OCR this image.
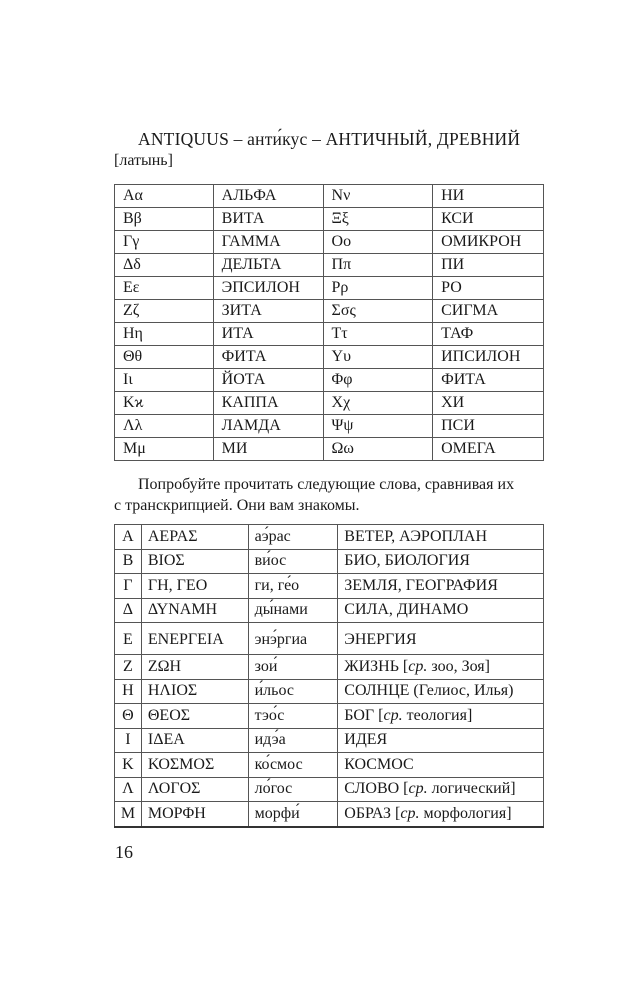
ANTIQUUS – анти́кус – АНТИЧНЫЙ, ДРЕВНИЙ
[латынь]
Αα	АЛЬФА	Νν	НИ
Ββ	ВИТА	Ξξ	КСИ
Γγ	ГАММА	Οο	ОМИКРОН
Δδ	ДЕЛЬТА	Ππ	ПИ
Εε	ЭПСИЛОН	Ρρ	РО
Ζζ	ЗИТА	Σσς	СИГМА
Ηη	ИТА	Ττ	ТАФ
Θθ	ФИТА	Υυ	ИПСИЛОН
Ιι	ЙОТА	Φφ	ФИТА
Κϰ	КАППА	Χχ	ХИ
Λλ	ЛАМДА	Ψψ	ПСИ
Μμ	МИ	Ωω	ОМЕГА
Попробуйте прочитать следующие слова, сравнивая их
с транскрипцией. Они вам знакомы.
Α	ΑΕΡΑΣ	аэ́рас	ВЕТЕР, АЭРОПЛАН
Β	ΒΙΟΣ	ви́ос	БИО, БИОЛОГИЯ
Γ	ΓΗ, ΓΕΟ	ги, ге́о	ЗЕМЛЯ, ГЕОГРАФИЯ
Δ	ΔΥΝΑΜΗ	ды́нами	СИЛА, ДИНАМО
Ε	ΕΝΕΡΓΕΙΑ	энэ́ргиа	ЭНЕРГИЯ
Ζ	ΖΩΗ	зои́	ЖИЗНЬ [ср. зоо, Зоя]
Η	ΗΛΙΟΣ	и́льос	СОЛНЦЕ (Гелиос, Илья)
Θ	ΘΕΟΣ	тэо́с	БОГ [ср. теология]
Ι	ΙΔΕΑ	идэ́а	ИДЕЯ
Κ	ΚΟΣΜΟΣ	ко́смос	КОСМОС
Λ	ΛΟΓΟΣ	ло́гос	СЛОВО [ср. логический]
Μ	ΜΟΡΦΗ	морфи́	ОБРАЗ [ср. морфология]
16
